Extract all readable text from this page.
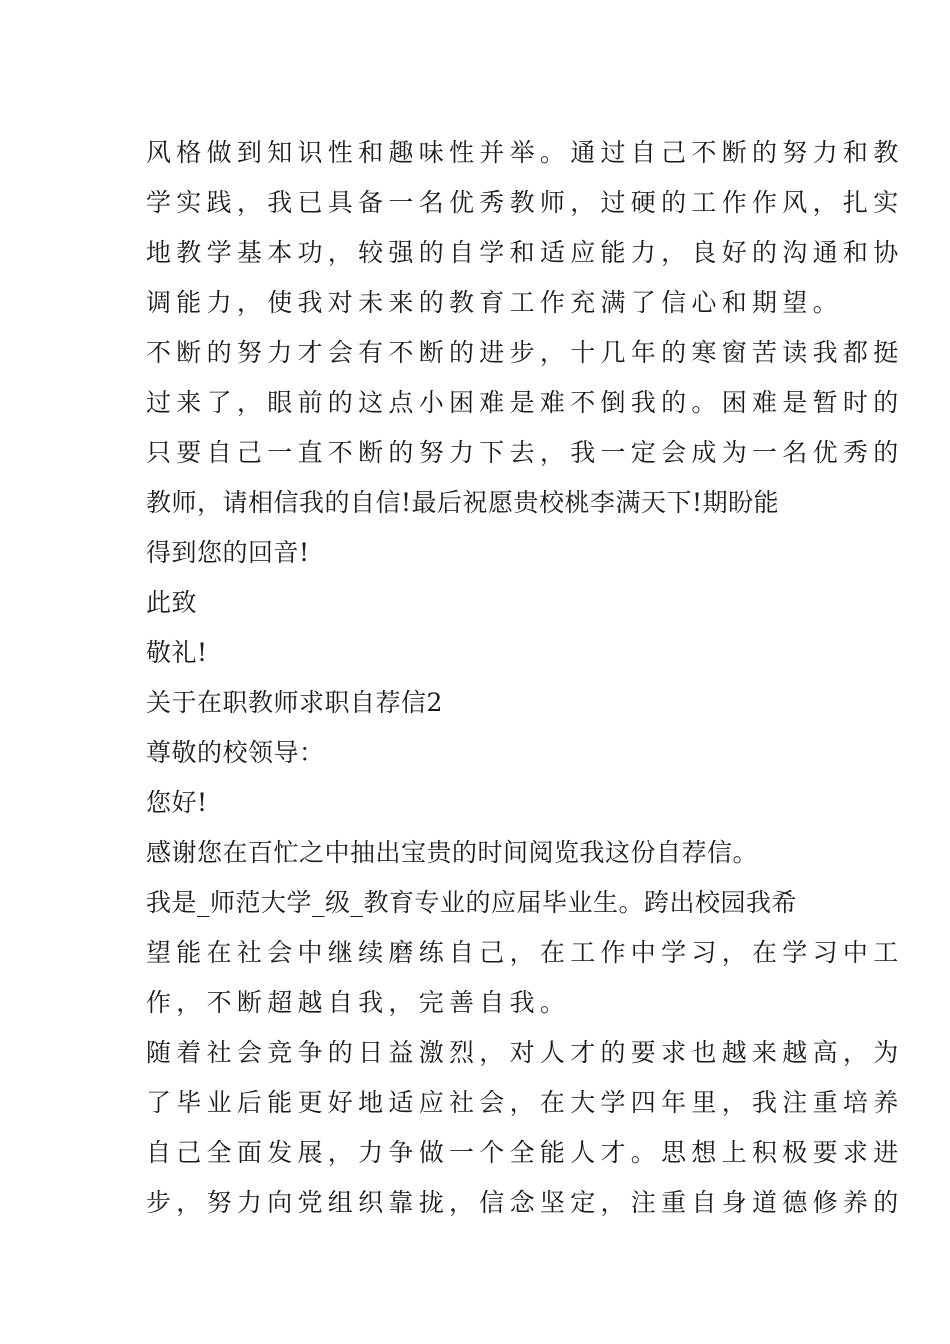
风格做到知识性和趣味性并举。通过自己不断的努力和教
学实践，我已具备一名优秀教师，过硬的工作作风，扎实
地教学基本功，较强的自学和适应能力，良好的沟通和协
调能力，使我对未来的教育工作充满了信心和期望。
不断的努力才会有不断的进步，十几年的寒窗苦读我都挺
过来了，眼前的这点小困难是难不倒我的。困难是暂时的
只要自己一直不断的努力下去，我一定会成为一名优秀的
教师，请相信我的自信!最后祝愿贵校桃李满天下!期盼能
得到您的回音!
此致
敬礼!
关于在职教师求职自荐信2
尊敬的校领导：
您好!
感谢您在百忙之中抽出宝贵的时间阅览我这份自荐信。
我是_师范大学_级_教育专业的应届毕业生。跨出校园我希
望能在社会中继续磨练自己，在工作中学习，在学习中工
作，不断超越自我，完善自我。
随着社会竞争的日益激烈，对人才的要求也越来越高，为
了毕业后能更好地适应社会，在大学四年里，我注重培养
自己全面发展，力争做一个全能人才。思想上积极要求进
步，努力向党组织靠拢，信念坚定，注重自身道德修养的
